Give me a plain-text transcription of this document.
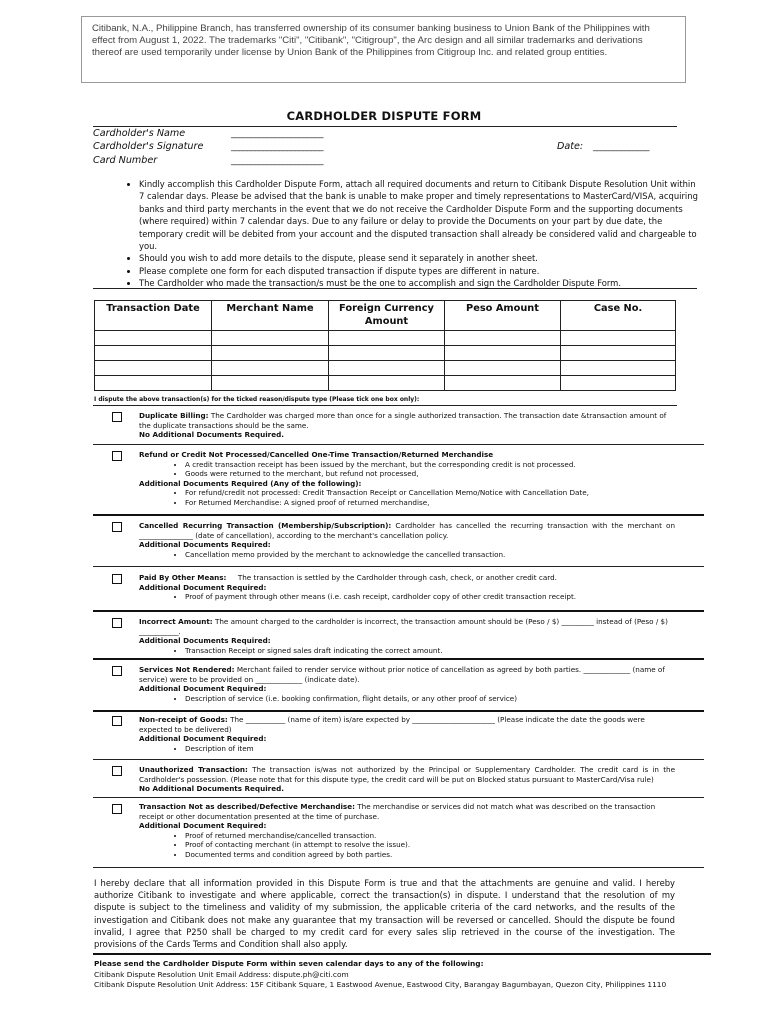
Citibank, N.A., Philippine Branch, has transferred ownership of its consumer banking business to Union Bank of the Philippines with effect from August 1, 2022. The trademarks "Citi", "Citibank", "Citigroup", the Arc design and all similar trademarks and derivations thereof are used temporarily under license by Union Bank of the Philippines from Citigroup Inc. and related group entities.
CARDHOLDER DISPUTE FORM
Cardholder's Name	_______________________
Cardholder's Signature	_______________________	Date: ______________
Card Number	_______________________
• Kindly accomplish this Cardholder Dispute Form, attach all required documents and return to Citibank Dispute Resolution Unit within 7 calendar days. Please be advised that the bank is unable to make proper and timely representations to MasterCard/VISA, acquiring banks and third party merchants in the event that we do not receive the Cardholder Dispute Form and the supporting documents (where required) within 7 calendar days. Due to any failure or delay to provide the Documents on your part by due date, the temporary credit will be debited from your account and the disputed transaction shall already be considered valid and chargeable to you.
• Should you wish to add more details to the dispute, please send it separately in another sheet.
• Please complete one form for each disputed transaction if dispute types are different in nature.
• The Cardholder who made the transaction/s must be the one to accomplish and sign the Cardholder Dispute Form.
Transaction Date	Merchant Name	Foreign Currency Amount	Peso Amount	Case No.

I dispute the above transaction(s) for the ticked reason/dispute type (Please tick one box only):

Duplicate Billing: The Cardholder was charged more than once for a single authorized transaction. The transaction date &transaction amount of the duplicate transactions should be the same.

No Additional Documents Required.

Refund or Credit Not Processed/Cancelled One-Time Transaction/Returned Merchandise

• A credit transaction receipt has been issued by the merchant, but the corresponding credit is not processed.
• Goods were returned to the merchant, but refund not processed,

Additional Documents Required (Any of the following):

• For refund/credit not processed: Credit Transaction Receipt or Cancellation Memo/Notice with Cancellation Date,
• For Returned Merchandise: A signed proof of returned merchandise,

Cancelled Recurring Transaction (Membership/Subscription): Cardholder has cancelled the recurring transaction with the merchant on _______________ (date of cancellation), according to the merchant's cancellation policy.

Additional Documents Required:

• Cancellation memo provided by the merchant to acknowledge the cancelled transaction.

Paid By Other Means:     The transaction is settled by the Cardholder through cash, check, or another credit card.

Additional Document Required:

• Proof of payment through other means (i.e. cash receipt, cardholder copy of other credit transaction receipt.

Incorrect Amount: The amount charged to the cardholder is incorrect, the transaction amount should be (Peso / $) _________ instead of (Peso / $) ___________.

Additional Documents Required:

• Transaction Receipt or signed sales draft indicating the correct amount.

Services Not Rendered: Merchant failed to render service without prior notice of cancellation as agreed by both parties. _____________ (name of service) were to be provided on _____________ (indicate date).

Additional Document Required:

• Description of service (i.e. booking confirmation, flight details, or any other proof of service)

Non-receipt of Goods: The ___________ (name of item) is/are expected by _______________________ (Please indicate the date the goods were expected to be delivered)

Additional Document Required:

• Description of item

Unauthorized Transaction: The transaction is/was not authorized by the Principal or Supplementary Cardholder. The credit card is in the Cardholder's possession. (Please note that for this dispute type, the credit card will be put on Blocked status pursuant to MasterCard/Visa rule)

No Additional Documents Required.

Transaction Not as described/Defective Merchandise: The merchandise or services did not match what was described on the transaction receipt or other documentation presented at the time of purchase.

Additional Document Required:

• Proof of returned merchandise/cancelled transaction.
• Proof of contacting merchant (in attempt to resolve the issue).
• Documented terms and condition agreed by both parties.
I hereby declare that all information provided in this Dispute Form is true and that the attachments are genuine and valid. I hereby authorize Citibank to investigate and where applicable, correct the transaction(s) in dispute. I understand that the resolution of my dispute is subject to the timeliness and validity of my submission, the applicable criteria of the card networks, and the results of the investigation and Citibank does not make any guarantee that my transaction will be reversed or cancelled. Should the dispute be found invalid, I agree that P250 shall be charged to my credit card for every sales slip retrieved in the course of the investigation. The provisions of the Cards Terms and Condition shall also apply.
Please send the Cardholder Dispute Form within seven calendar days to any of the following:
Citibank Dispute Resolution Unit Email Address: dispute.ph@citi.com
Citibank Dispute Resolution Unit Address: 15F Citibank Square, 1 Eastwood Avenue, Eastwood City, Barangay Bagumbayan, Quezon City, Philippines 1110
